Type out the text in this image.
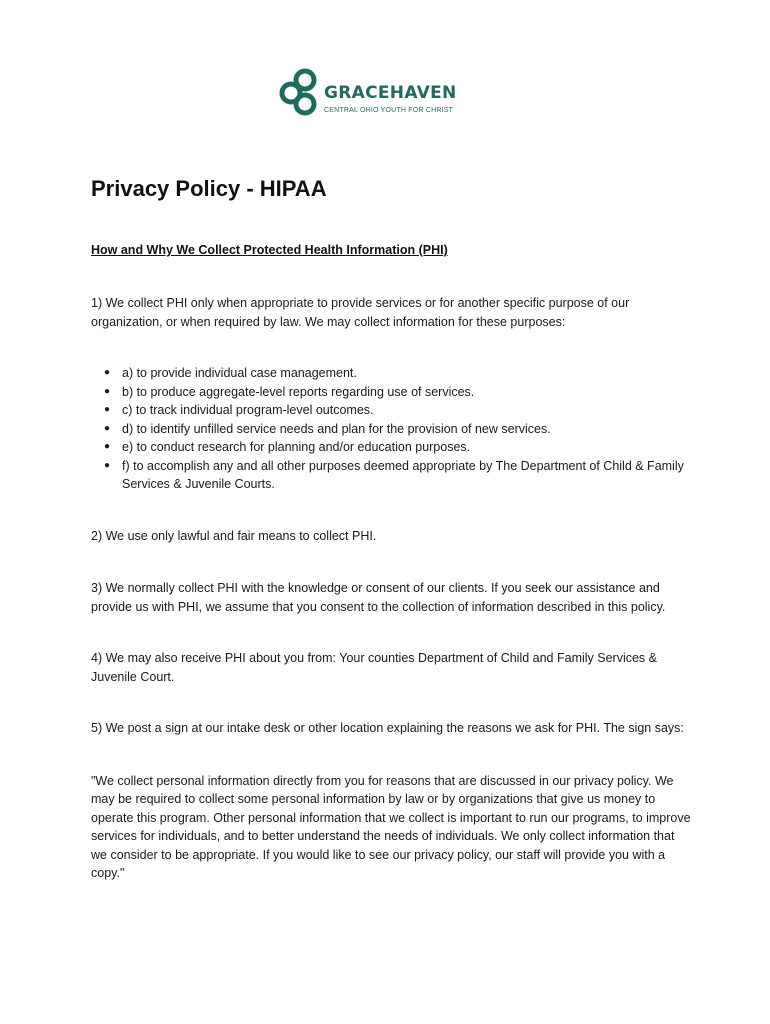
GRACEHAVEN
CENTRAL OHIO YOUTH FOR CHRIST
Privacy Policy - HIPAA
How and Why We Collect Protected Health Information (PHI)

1) We collect PHI only when appropriate to provide services or for another specific purpose of our organization, or when required by law. We may collect information for these purposes:

● a) to provide individual case management.
● b) to produce aggregate-level reports regarding use of services.
● c) to track individual program-level outcomes.
● d) to identify unfilled service needs and plan for the provision of new services.
● e) to conduct research for planning and/or education purposes.
● f) to accomplish any and all other purposes deemed appropriate by The Department of Child & Family Services & Juvenile Courts.

2) We use only lawful and fair means to collect PHI.

3) We normally collect PHI with the knowledge or consent of our clients. If you seek our assistance and provide us with PHI, we assume that you consent to the collection of information described in this policy.

4) We may also receive PHI about you from: Your counties Department of Child and Family Services & Juvenile Court.

5) We post a sign at our intake desk or other location explaining the reasons we ask for PHI. The sign says:

"We collect personal information directly from you for reasons that are discussed in our privacy policy. We may be required to collect some personal information by law or by organizations that give us money to operate this program. Other personal information that we collect is important to run our programs, to improve services for individuals, and to better understand the needs of individuals. We only collect information that we consider to be appropriate. If you would like to see our privacy policy, our staff will provide you with a copy."
